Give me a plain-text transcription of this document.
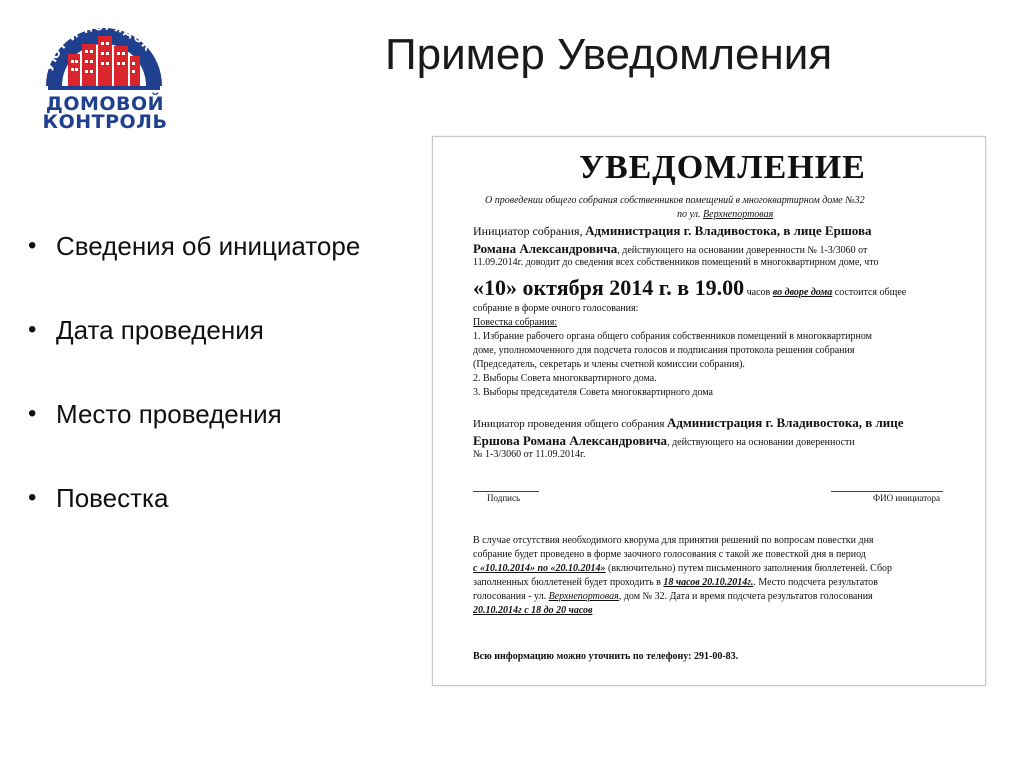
УЮТ И ПОРЯДОК
ДОМОВОЙ
КОНТРОЛЬ
Пример Уведомления
• Сведения об инициаторе
• Дата проведения
• Место проведения
• Повестка
УВЕДОМЛЕНИЕ
О проведении общего собрания собственников помещений в многоквартирном доме №32
по ул. Верхнепортовая
Инициатор собрания, Администрация г. Владивостока, в лице Ершова
Романа Александровича, действующего на основании доверенности № 1-3/3060 от
11.09.2014г. доводит до сведения всех собственников помещений в многоквартирном доме, что
«10» октября 2014 г. в 19.00 часов во дворе дома состоится общее
собрание в форме очного голосования:
Повестка собрания:
1. Избрание рабочего органа общего собрания собственников помещений в многоквартирном
доме, уполномоченного для подсчета голосов и подписания протокола решения собрания
(Председатель, секретарь и члены счетной комиссии собрания).
2. Выборы Совета многоквартирного дома.
3. Выборы председателя Совета многоквартирного дома
Инициатор проведения общего собрания Администрация г. Владивостока, в лице
Ершова Романа Александровича, действующего на основании доверенности
№ 1-3/3060 от 11.09.2014г.
Подпись	ФИО инициатора
В случае отсутствия необходимого кворума для принятия решений по вопросам повестки дня
собрание будет проведено в форме заочного голосования с такой же повесткой дня в период
с «10.10.2014» по «20.10.2014» (включительно) путем письменного заполнения бюллетеней. Сбор
заполненных бюллетеней будет проходить в 18 часов 20.10.2014г.. Место подсчета результатов
голосования - ул. Верхнепортовая, дом № 32. Дата и время подсчета результатов голосования
20.10.2014г с 18 до 20 часов
Всю информацию можно уточнить по телефону: 291-00-83.
